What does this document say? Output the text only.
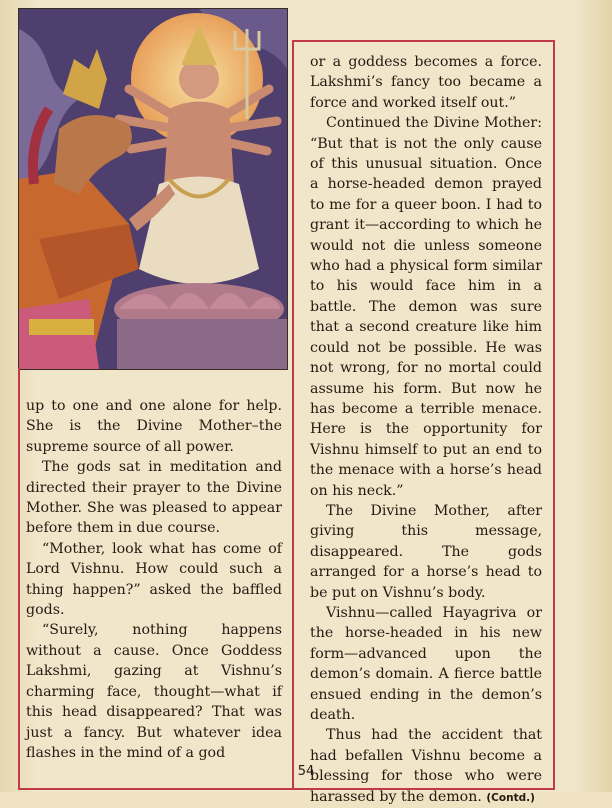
up to one and one alone for help. She is the Divine Mother–the supreme source of all power.

The gods sat in meditation and directed their prayer to the Divine Mother. She was pleased to appear before them in due course.

“Mother, look what has come of Lord Vishnu. How could such a thing happen?” asked the baffled gods.

“Surely, nothing happens without a cause. Once Goddess Lakshmi, gazing at Vishnu’s charming face, thought—what if this head disappeared? That was just a fancy. But whatever idea flashes in the mind of a god

or a goddess becomes a force. Lakshmi’s fancy too became a force and worked itself out.”

Continued the Divine Mother: “But that is not the only cause of this unusual situation. Once a horse-headed demon prayed to me for a queer boon. I had to grant it—according to which he would not die unless someone who had a physical form similar to his would face him in a battle. The demon was sure that a second creature like him could not be possible. He was not wrong, for no mortal could assume his form. But now he has become a terrible menace. Here is the opportunity for Vishnu himself to put an end to the menace with a horse’s head on his neck.”

The Divine Mother, after giving this message, disappeared. The gods arranged for a horse’s head to be put on Vishnu’s body.

Vishnu—called Hayagriva or the horse-headed in his new form—advanced upon the demon’s domain. A fierce battle ensued ending in the demon’s death.

Thus had the accident that had befallen Vishnu become a blessing for those who were harassed by the demon. (Contd.)

54
